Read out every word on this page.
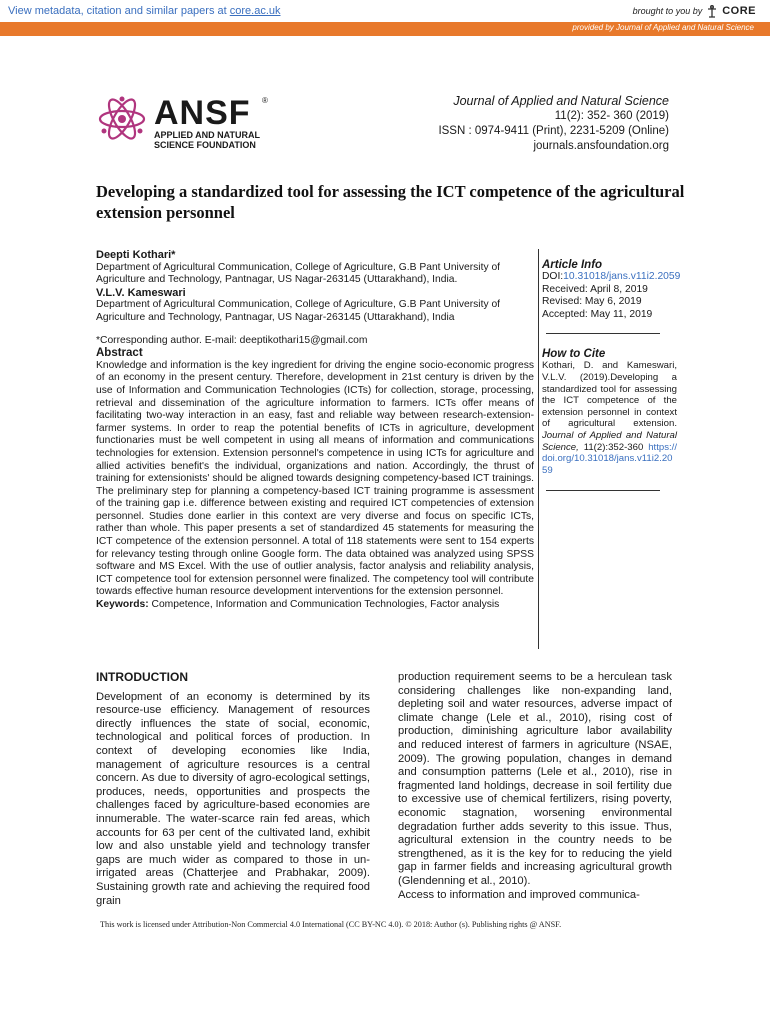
View metadata, citation and similar papers at core.ac.uk	brought to you by CORE
provided by Journal of Applied and Natural Science
ANSF ®
APPLIED AND NATURAL
SCIENCE FOUNDATION
Journal of Applied and Natural Science
11(2): 352- 360 (2019)
ISSN : 0974-9411 (Print), 2231-5209 (Online)
journals.ansfoundation.org
Developing a standardized tool for assessing the ICT competence of the agricultural extension personnel

Deepti Kothari*

Department of Agricultural Communication, College of Agriculture, G.B Pant University of Agriculture and Technology, Pantnagar, US Nagar-263145 (Uttarakhand), India.

V.L.V. Kameswari

Department of Agricultural Communication, College of Agriculture, G.B Pant University of Agriculture and Technology, Pantnagar, US Nagar-263145 (Uttarakhand), India

*Corresponding author. E-mail: deeptikothari15@gmail.com

Abstract

Knowledge and information is the key ingredient for driving the engine socio-economic progress of an economy in the present century. Therefore, development in 21st century is driven by the use of Information and Communication Technologies (ICTs) for collection, storage, processing, retrieval and dissemination of the agriculture information to farmers. ICTs offer means of facilitating two-way interaction in an easy, fast and reliable way between research-extension-farmer systems. In order to reap the potential benefits of ICTs in agriculture, development functionaries must be well competent in using all means of information and communications technologies for extension. Extension personnel's competence in using ICTs for agriculture and allied activities benefit's the individual, organizations and nation. Accordingly, the thrust of training for extensionists' should be aligned towards designing competency-based ICT trainings. The preliminary step for planning a competency-based ICT training programme is assessment of the training gap i.e. difference between existing and required ICT competencies of extension personnel. Studies done earlier in this context are very diverse and focus on specific ICTs, rather than whole. This paper presents a set of standardized 45 statements for measuring the ICT competence of the extension personnel. A total of 118 statements were sent to 154 experts for relevancy testing through online Google form. The data obtained was analyzed using SPSS software and MS Excel. With the use of outlier analysis, factor analysis and reliability analysis, ICT competence tool for extension personnel were finalized. The competency tool will contribute towards effective human resource development interventions for the extension personnel.

Keywords: Competence, Information and Communication Technologies, Factor analysis

Article Info
DOI:10.31018/jans.v11i2.2059
Received: April 8, 2019
Revised: May 6, 2019
Accepted: May 11, 2019
How to Cite
Kothari, D. and Kameswari, V.L.V. (2019).Developing a standardized tool for assessing the ICT competence of the extension personnel in context of agricultural extension. Journal of Applied and Natural Science, 11(2):352-360 https://doi.org/10.31018/jans.v11i2.2059
INTRODUCTION
Development of an economy is determined by its resource-use efficiency. Management of resources directly influences the state of social, economic, technological and political forces of production. In context of developing economies like India, management of agriculture resources is a central concern. As due to diversity of agro-ecological settings, produces, needs, opportunities and prospects the challenges faced by agriculture-based economies are innumerable. The water-scarce rain fed areas, which accounts for 63 per cent of the cultivated land, exhibit low and also unstable yield and technology transfer gaps are much wider as compared to those in un-irrigated areas (Chatterjee and Prabhakar, 2009). Sustaining growth rate and achieving the required food grain
production requirement seems to be a herculean task considering challenges like non-expanding land, depleting soil and water resources, adverse impact of climate change (Lele et al., 2010), rising cost of production, diminishing agriculture labor availability and reduced interest of farmers in agriculture (NSAE, 2009). The growing population, changes in demand and consumption patterns (Lele et al., 2010), rise in fragmented land holdings, decrease in soil fertility due to excessive use of chemical fertilizers, rising poverty, economic stagnation, worsening environmental degradation further adds severity to this issue. Thus, agricultural extension in the country needs to be strengthened, as it is the key for to reducing the yield gap in farmer fields and increasing agricultural growth (Glendenning et al., 2010).
Access to information and improved communica-
This work is licensed under Attribution-Non Commercial 4.0 International (CC BY-NC 4.0). © 2018: Author (s). Publishing rights @ ANSF.
